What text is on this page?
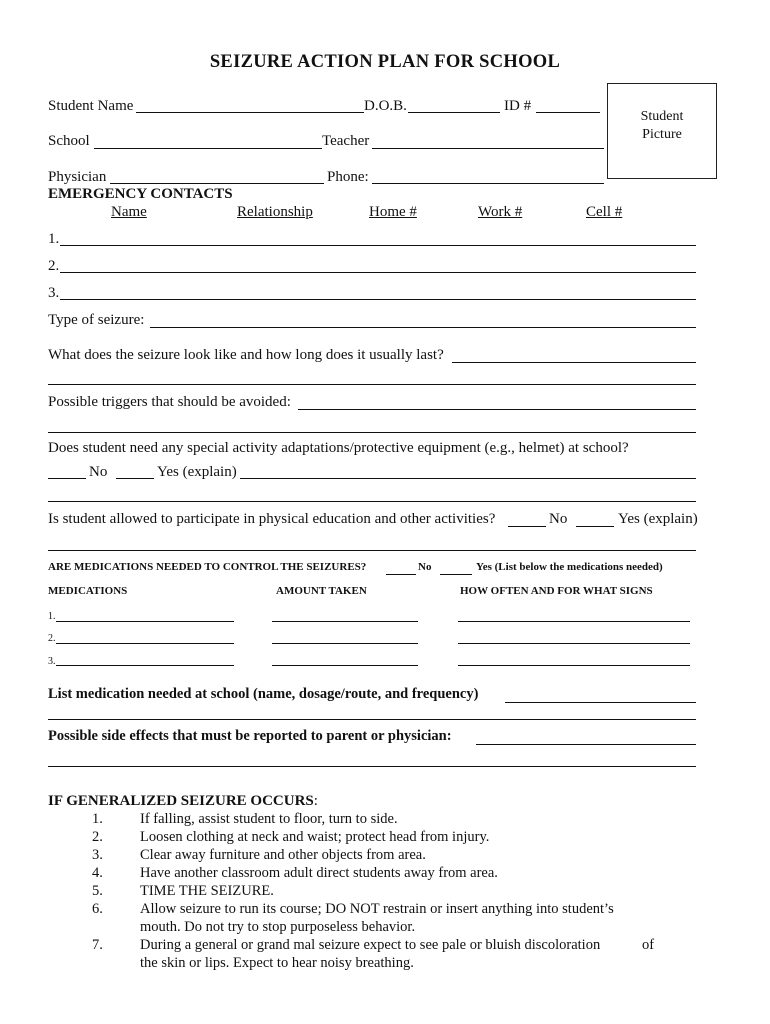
SEIZURE ACTION PLAN FOR SCHOOL
Student Name	D.O.B.	ID #
School	Teacher
Physician	Phone:
Student
Picture
EMERGENCY CONTACTS
Name	Relationship	Home #	Work #	Cell #
1.
2.
3.
Type of seizure:
What does the seizure look like and how long does it usually last?
Possible triggers that should be avoided:
Does student need any special activity adaptations/protective equipment (e.g., helmet) at school?
No	Yes (explain)
Is student allowed to participate in physical education and other activities?	No	Yes (explain)
ARE MEDICATIONS NEEDED TO CONTROL THE SEIZURES?	No	Yes (List below the medications needed)
MEDICATIONS	AMOUNT TAKEN	HOW OFTEN AND FOR WHAT SIGNS
1.
2.
3.
List medication needed at school (name, dosage/route, and frequency)
Possible side effects that must be reported to parent or physician:
IF GENERALIZED SEIZURE OCCURS:
1.	If falling, assist student to floor, turn to side.
2.	Loosen clothing at neck and waist; protect head from injury.
3.	Clear away furniture and other objects from area.
4.	Have another classroom adult direct students away from area.
5.	TIME THE SEIZURE.
6.	Allow seizure to run its course; DO NOT restrain or insert anything into student’s
mouth. Do not try to stop purposeless behavior.
7.	During a general or grand mal seizure expect to see pale or bluish discoloration	of
the skin or lips. Expect to hear noisy breathing.
